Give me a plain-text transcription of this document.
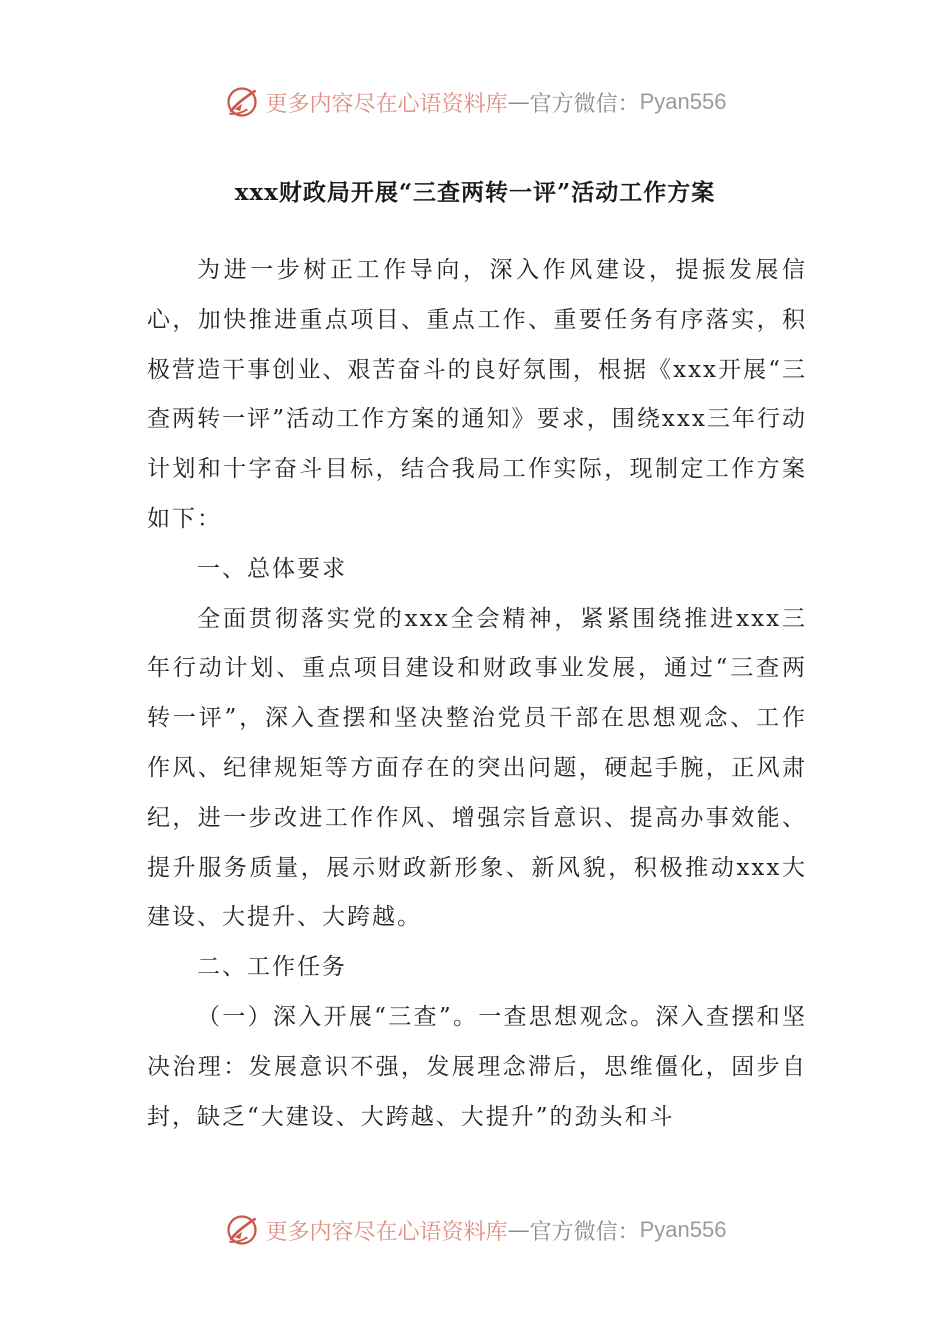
更多内容尽在心语资料库 — 官方微信： Pyan556
xxx财政局开展“三查两转一评”活动工作方案

为进一步树正工作导向，深入作风建设，提振发展信心，加快推进重点项目、重点工作、重要任务有序落实，积极营造干事创业、艰苦奋斗的良好氛围，根据《xxx开展“三查两转一评”活动工作方案的通知》要求，围绕xxx三年行动计划和十字奋斗目标，结合我局工作实际，现制定工作方案如下：

一、总体要求

全面贯彻落实党的xxx全会精神，紧紧围绕推进xxx三年行动计划、重点项目建设和财政事业发展，通过“三查两转一评”，深入查摆和坚决整治党员干部在思想观念、工作作风、纪律规矩等方面存在的突出问题，硬起手腕，正风肃纪，进一步改进工作作风、增强宗旨意识、提高办事效能、提升服务质量，展示财政新形象、新风貌，积极推动xxx大建设、大提升、大跨越。

二、工作任务

（一）深入开展“三查”。一查思想观念。深入查摆和坚决治理：发展意识不强，发展理念滞后，思维僵化，固步自封，缺乏“大建设、大跨越、大提升”的劲头和斗

更多内容尽在心语资料库 — 官方微信： Pyan556
